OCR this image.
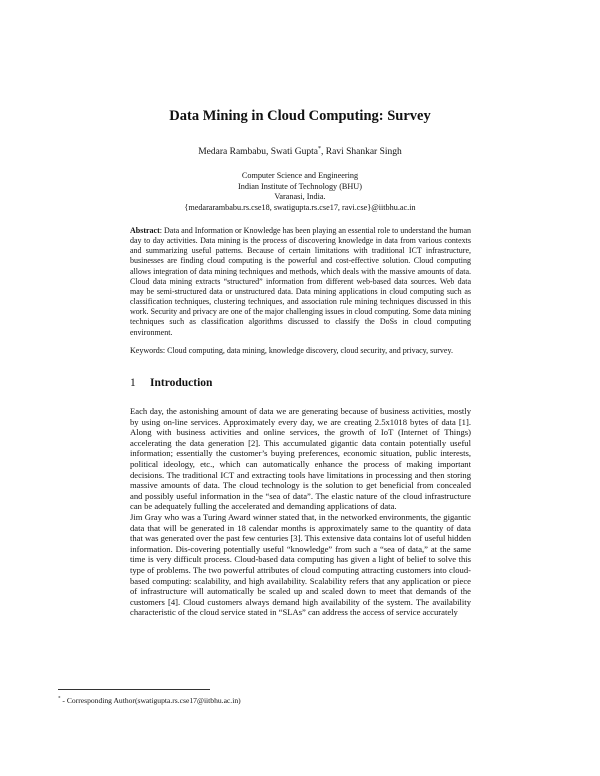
Data Mining in Cloud Computing: Survey
Medara Rambabu, Swati Gupta*, Ravi Shankar Singh
Computer Science and Engineering
Indian Institute of Technology (BHU)
Varanasi, India.
{medararambabu.rs.cse18, swatigupta.rs.cse17, ravi.cse}@iitbhu.ac.in
Abstract: Data and Information or Knowledge has been playing an essential role to understand the human day to day activities. Data mining is the process of discovering knowledge in data from various contexts and summarizing useful patterns. Because of certain limitations with traditional ICT infrastructure, businesses are finding cloud computing is the powerful and cost-effective solution. Cloud computing allows integration of data mining techniques and methods, which deals with the massive amounts of data. Cloud data mining extracts “structured” information from different web-based data sources. Web data may be semi-structured data or unstructured data. Data mining applications in cloud computing such as classification techniques, clustering techniques, and association rule mining techniques discussed in this work. Security and privacy are one of the major challenging issues in cloud computing. Some data mining techniques such as classification algorithms discussed to classify the DoSs in cloud computing environment.
Keywords: Cloud computing, data mining, knowledge discovery, cloud security, and privacy, survey.
1 Introduction

Each day, the astonishing amount of data we are generating because of business activities, mostly by using on-line services. Approximately every day, we are creating 2.5x1018 bytes of data [1]. Along with business activities and online services, the growth of IoT (Internet of Things) accelerating the data generation [2]. This accumulated gigantic data contain potentially useful information; essentially the customer’s buying preferences, economic situation, public interests, political ideology, etc., which can automatically enhance the process of making important decisions. The traditional ICT and extracting tools have limitations in processing and then storing massive amounts of data. The cloud technology is the solution to get beneficial from concealed and possibly useful information in the “sea of data”. The elastic nature of the cloud infrastructure can be adequately fulling the accelerated and demanding applications of data.

Jim Gray who was a Turing Award winner stated that, in the networked environments, the gigantic data that will be generated in 18 calendar months is approximately same to the quantity of data that was generated over the past few centuries [3]. This extensive data contains lot of useful hidden information. Dis-covering potentially useful “knowledge” from such a “sea of data,” at the same time is very difficult process. Cloud-based data computing has given a light of belief to solve this type of problems. The two powerful attributes of cloud computing attracting customers into cloud-based computing: scalability, and high availability. Scalability refers that any application or piece of infrastructure will automatically be scaled up and scaled down to meet that demands of the customers [4]. Cloud customers always demand high availability of the system. The availability characteristic of the cloud service stated in “SLAs” can address the access of service accurately

* - Corresponding Author(swatigupta.rs.cse17@iitbhu.ac.in)
